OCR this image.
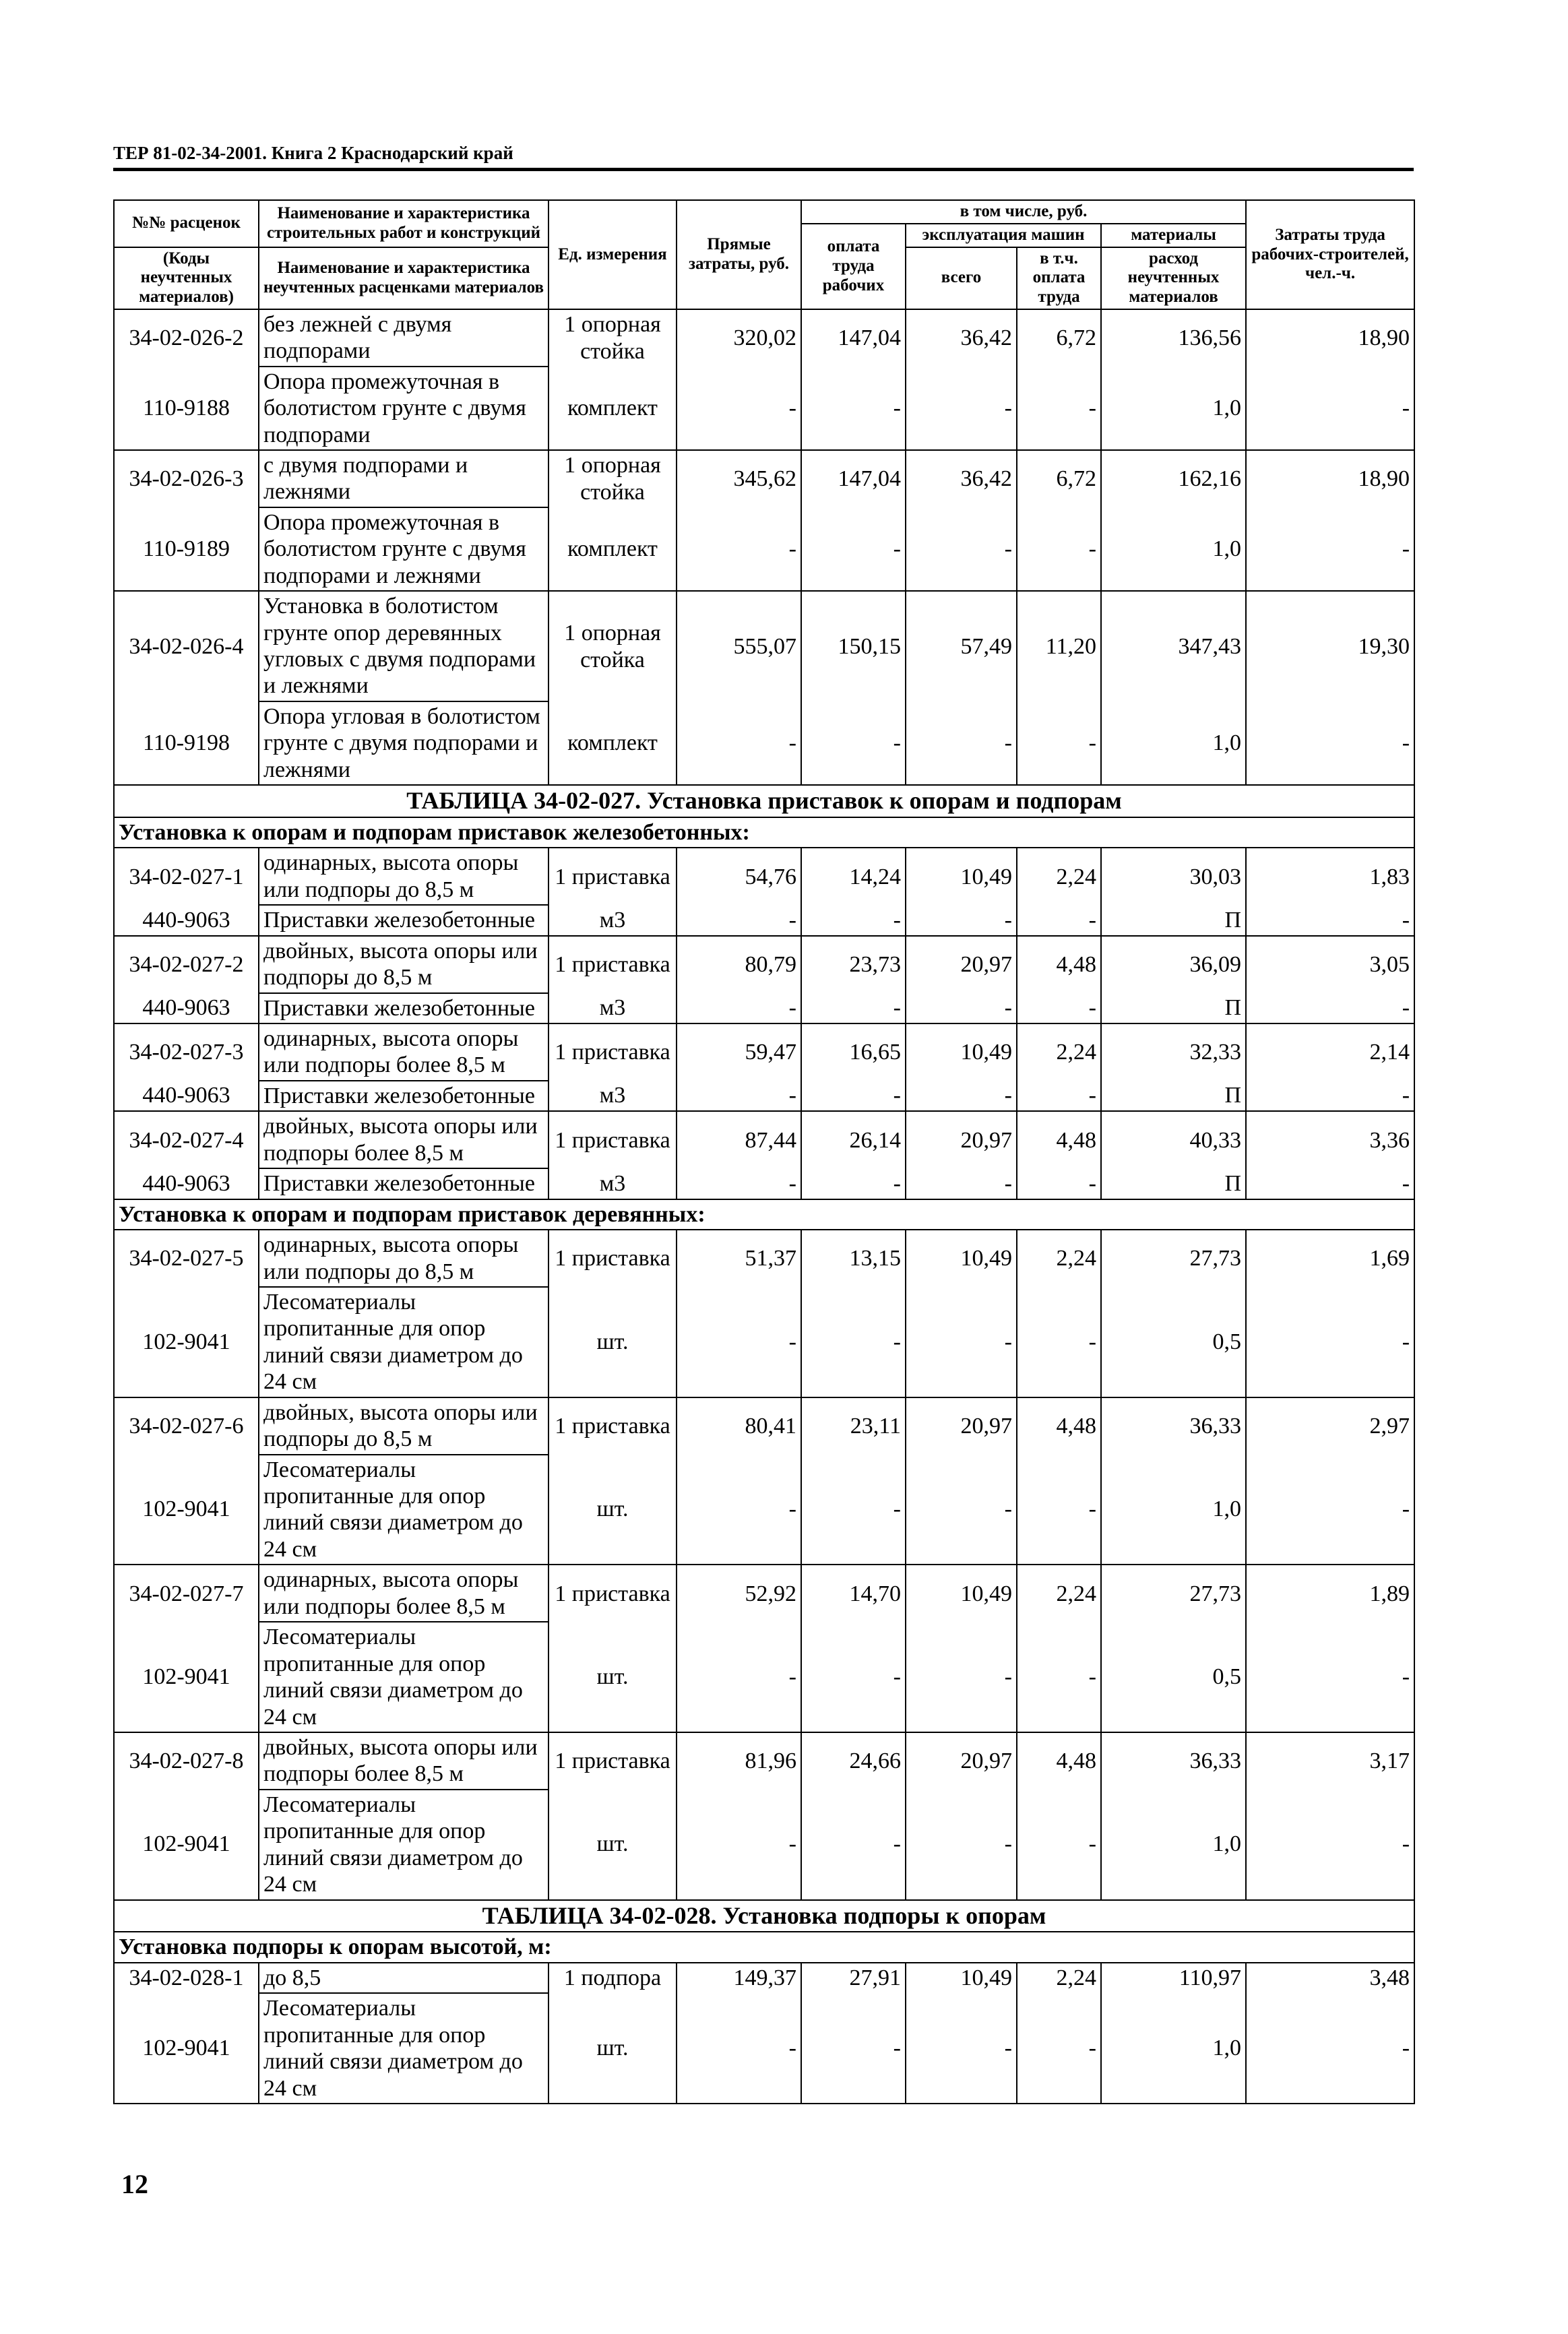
ТЕР 81-02-34-2001. Книга 2 Краснодарский край
№№ расценок	Наименование и характеристика строительных работ и конструкций	Ед. измерения	Прямые затраты, руб.	в том числе, руб.				Затраты труда рабочих-строителей, чел.-ч.
				оплата труда рабочих	эксплуатация машин		материалы	
(Коды неучтенных материалов)	Наименование и характеристика неучтенных расценками материалов				всего	в т.ч. оплата труда	расход неучтенных материалов	

34-02-026-2	без лежней с двумя подпорами	1 опорная стойка	320,02	147,04	36,42	6,72	136,56	18,90
110-9188	Опора промежуточная в болотистом грунте с двумя подпорами	комплект	-	-	-	-	1,0	-
34-02-026-3	с двумя подпорами и лежнями	1 опорная стойка	345,62	147,04	36,42	6,72	162,16	18,90
110-9189	Опора промежуточная в болотистом грунте с двумя подпорами и лежнями	комплект	-	-	-	-	1,0	-
34-02-026-4	Установка в болотистом грунте опор деревянных угловых с двумя подпорами и лежнями	1 опорная стойка	555,07	150,15	57,49	11,20	347,43	19,30
110-9198	Опора угловая в болотистом грунте с двумя подпорами и лежнями	комплект	-	-	-	-	1,0	-
ТАБЛИЦА 34-02-027. Установка приставок к опорам и подпорам								
Установка к опорам и подпорам приставок железобетонных:								
34-02-027-1	одинарных, высота опоры или подпоры до 8,5 м	1 приставка	54,76	14,24	10,49	2,24	30,03	1,83
440-9063	Приставки железобетонные	м3	-	-	-	-	П	-
34-02-027-2	двойных, высота опоры или подпоры до 8,5 м	1 приставка	80,79	23,73	20,97	4,48	36,09	3,05
440-9063	Приставки железобетонные	м3	-	-	-	-	П	-
34-02-027-3	одинарных, высота опоры или подпоры более 8,5 м	1 приставка	59,47	16,65	10,49	2,24	32,33	2,14
440-9063	Приставки железобетонные	м3	-	-	-	-	П	-
34-02-027-4	двойных, высота опоры или подпоры более 8,5 м	1 приставка	87,44	26,14	20,97	4,48	40,33	3,36
440-9063	Приставки железобетонные	м3	-	-	-	-	П	-
Установка к опорам и подпорам приставок деревянных:								
34-02-027-5	одинарных, высота опоры или подпоры до 8,5 м	1 приставка	51,37	13,15	10,49	2,24	27,73	1,69
102-9041	Лесоматериалы пропитанные для опор линий связи диаметром до 24 см	шт.	-	-	-	-	0,5	-
34-02-027-6	двойных, высота опоры или подпоры до 8,5 м	1 приставка	80,41	23,11	20,97	4,48	36,33	2,97
102-9041	Лесоматериалы пропитанные для опор линий связи диаметром до 24 см	шт.	-	-	-	-	1,0	-
34-02-027-7	одинарных, высота опоры или подпоры более 8,5 м	1 приставка	52,92	14,70	10,49	2,24	27,73	1,89
102-9041	Лесоматериалы пропитанные для опор линий связи диаметром до 24 см	шт.	-	-	-	-	0,5	-
34-02-027-8	двойных, высота опоры или подпоры более 8,5 м	1 приставка	81,96	24,66	20,97	4,48	36,33	3,17
102-9041	Лесоматериалы пропитанные для опор линий связи диаметром до 24 см	шт.	-	-	-	-	1,0	-
ТАБЛИЦА 34-02-028. Установка подпоры к опорам								
Установка подпоры к опорам высотой, м:								
34-02-028-1	до 8,5	1 подпора	149,37	27,91	10,49	2,24	110,97	3,48
102-9041	Лесоматериалы пропитанные для опор линий связи диаметром до 24 см	шт.	-	-	-	-	1,0	-
12
